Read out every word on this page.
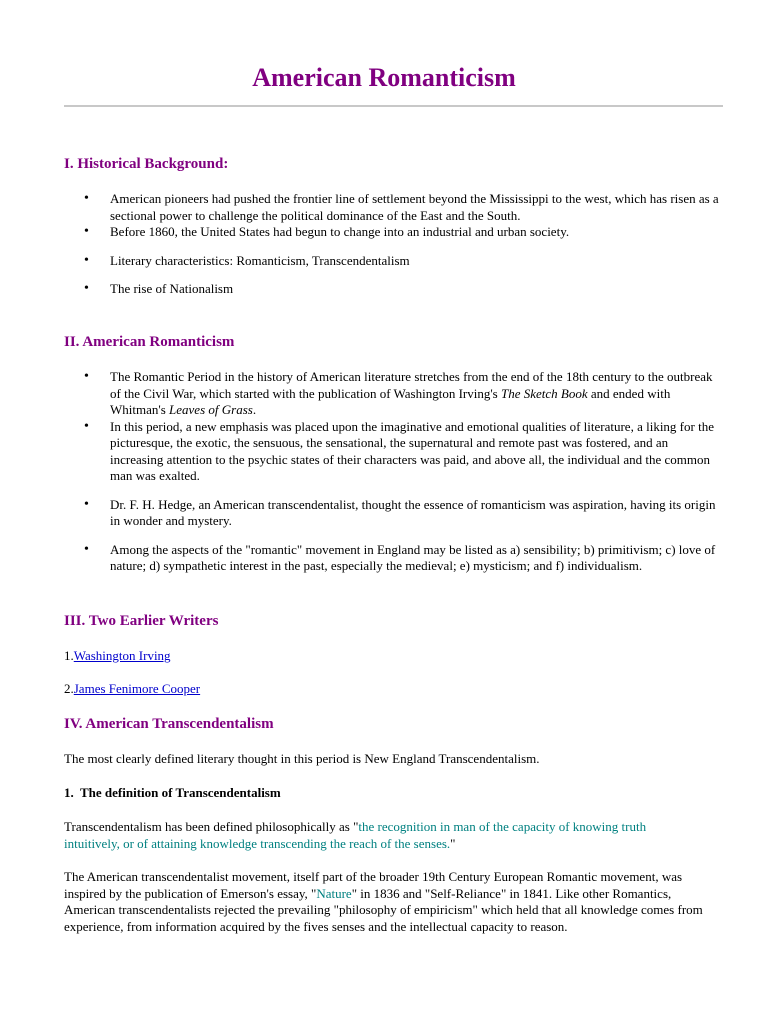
American Romanticism
I. Historical Background:
• American pioneers had pushed the frontier line of settlement beyond the Mississippi to the west, which has risen as a sectional power to challenge the political dominance of the East and the South.
• Before 1860, the United States had begun to change into an industrial and urban society.
• Literary characteristics: Romanticism, Transcendentalism
• The rise of Nationalism
II. American Romanticism
• The Romantic Period in the history of American literature stretches from the end of the 18th century to the outbreak of the Civil War, which started with the publication of Washington Irving's The Sketch Book and ended with Whitman's Leaves of Grass.
• In this period, a new emphasis was placed upon the imaginative and emotional qualities of literature, a liking for the picturesque, the exotic, the sensuous, the sensational, the supernatural and remote past was fostered, and an increasing attention to the psychic states of their characters was paid, and above all, the individual and the common man was exalted.
• Dr. F. H. Hedge, an American transcendentalist, thought the essence of romanticism was aspiration, having its origin in wonder and mystery.
• Among the aspects of the "romantic" movement in England may be listed as a) sensibility; b) primitivism; c) love of nature; d) sympathetic interest in the past, especially the medieval; e) mysticism; and f) individualism.
III. Two Earlier Writers

1.Washington Irving

2.James Fenimore Cooper

IV. American Transcendentalism

The most clearly defined literary thought in this period is New England Transcendentalism.

1.  The definition of Transcendentalism

Transcendentalism has been defined philosophically as "the recognition in man of the capacity of knowing truth intuitively, or of attaining knowledge transcending the reach of the senses."

The American transcendentalist movement, itself part of the broader 19th Century European Romantic movement, was inspired by the publication of Emerson's essay, "Nature" in 1836 and "Self-Reliance" in 1841. Like other Romantics, American transcendentalists rejected the prevailing "philosophy of empiricism" which held that all knowledge comes from experience, from information acquired by the fives senses and the intellectual capacity to reason.
